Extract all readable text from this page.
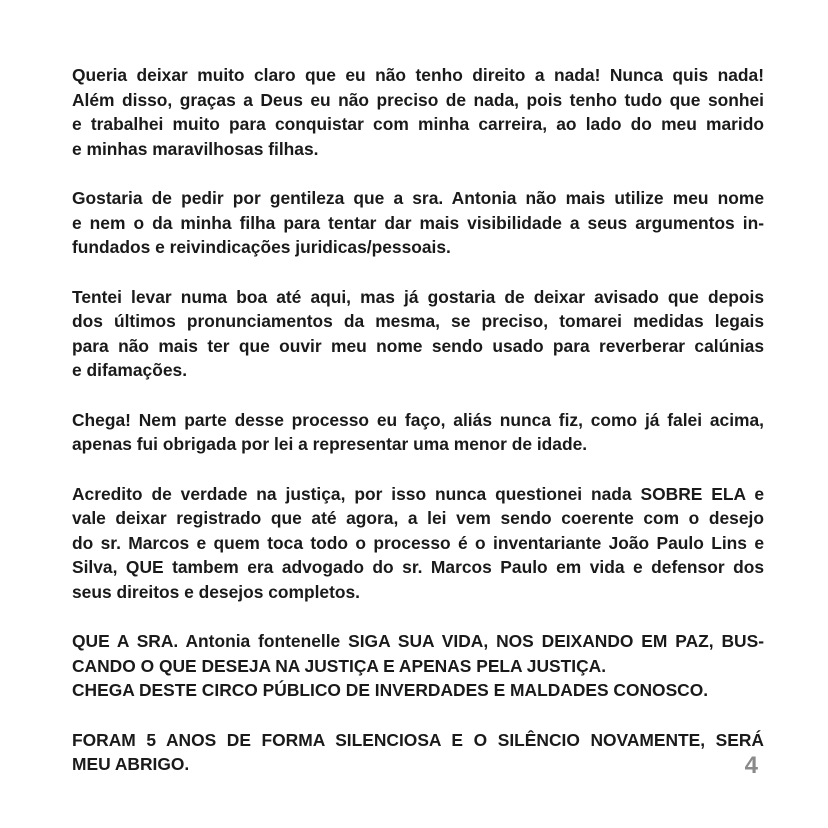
Queria deixar muito claro que eu não tenho direito a nada! Nunca quis nada!
Além disso, graças a Deus eu não preciso de nada, pois tenho tudo que sonhei
e trabalhei muito para conquistar com minha carreira, ao lado do meu marido
e minhas maravilhosas filhas.
Gostaria de pedir por gentileza que a sra. Antonia não mais utilize meu nome
e nem o da minha filha para tentar dar mais visibilidade a seus argumentos in-
fundados e reivindicações juridicas/pessoais.
Tentei levar numa boa até aqui, mas já gostaria de deixar avisado que depois
dos últimos pronunciamentos da mesma, se preciso, tomarei medidas legais
para não mais ter que ouvir meu nome sendo usado para reverberar calúnias
e difamações.
Chega! Nem parte desse processo eu faço, aliás nunca fiz, como já falei acima,
apenas fui obrigada por lei a representar uma menor de idade.
Acredito de verdade na justiça, por isso nunca questionei nada SOBRE ELA e
vale deixar registrado que até agora, a lei vem sendo coerente com o desejo
do sr. Marcos e quem toca todo o processo é o inventariante João Paulo Lins e
Silva, QUE tambem era advogado do sr. Marcos Paulo em vida e defensor dos
seus direitos e desejos completos.
QUE A SRA. Antonia fontenelle SIGA SUA VIDA, NOS DEIXANDO EM PAZ, BUS-
CANDO O QUE DESEJA NA JUSTIÇA E APENAS PELA JUSTIÇA.
CHEGA DESTE CIRCO PÚBLICO DE INVERDADES E MALDADES CONOSCO.
FORAM 5 ANOS DE FORMA SILENCIOSA E O SILÊNCIO NOVAMENTE, SERÁ
MEU ABRIGO.	4
